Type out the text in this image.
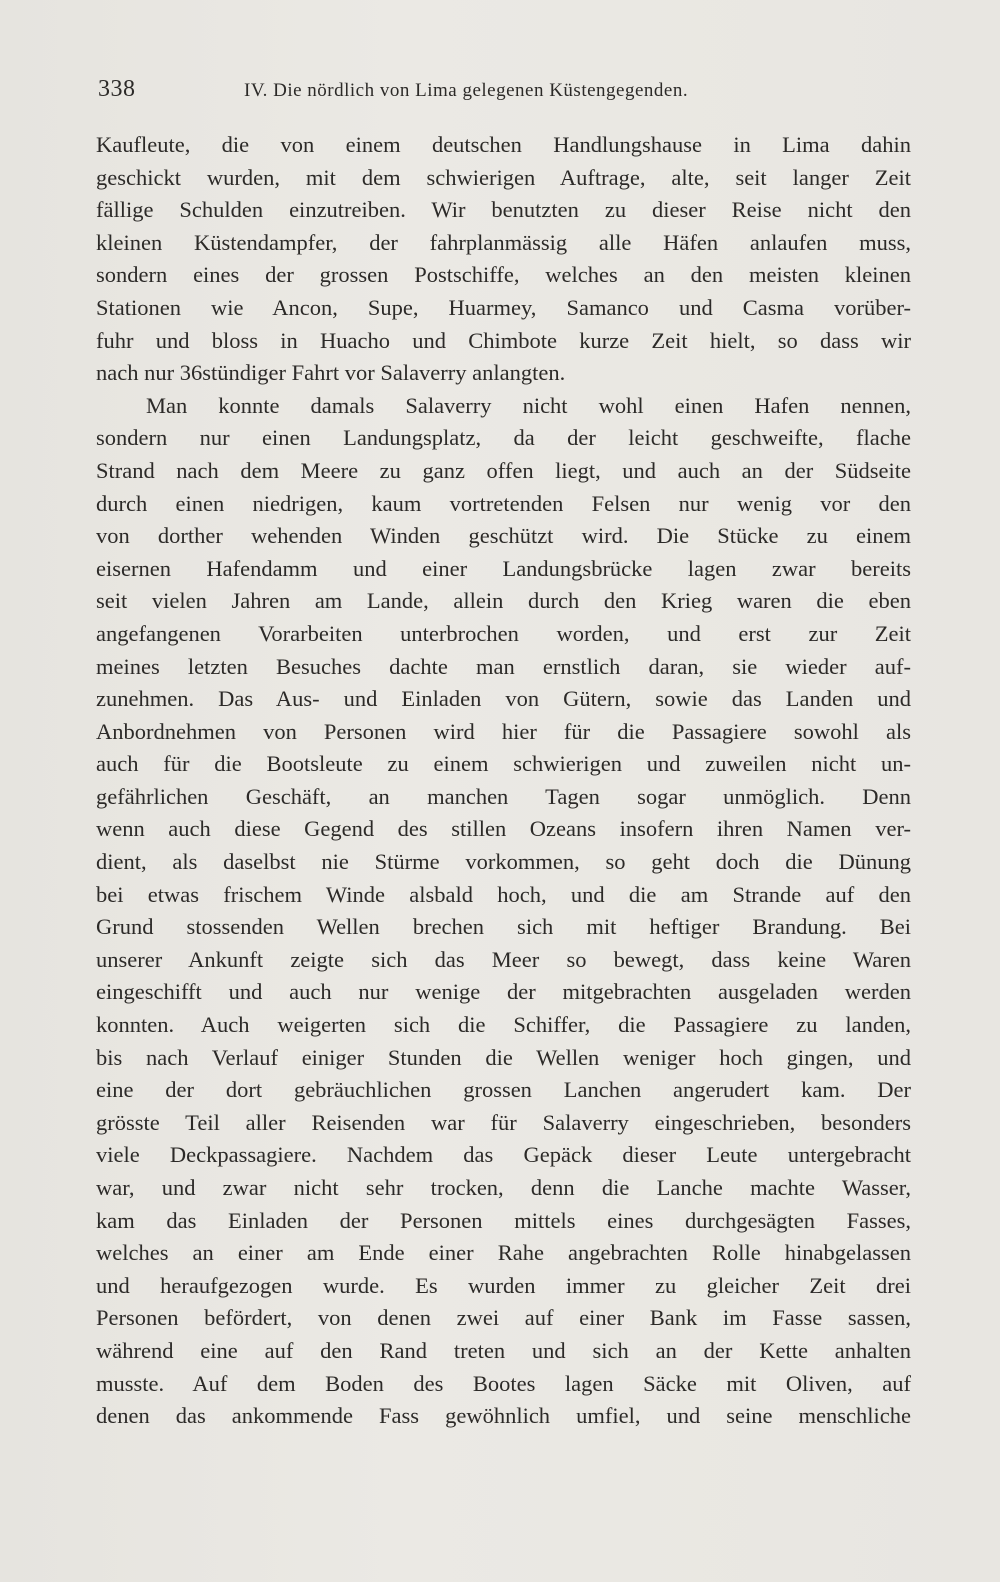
338	IV. Die nördlich von Lima gelegenen Küstengegenden.
Kaufleute, die von einem deutschen Handlungshause in Lima dahin
geschickt wurden, mit dem schwierigen Auftrage, alte, seit langer Zeit
fällige Schulden einzutreiben. Wir benutzten zu dieser Reise nicht den
kleinen Küstendampfer, der fahrplanmässig alle Häfen anlaufen muss,
sondern eines der grossen Postschiffe, welches an den meisten kleinen
Stationen wie Ancon, Supe, Huarmey, Samanco und Casma vorüber-
fuhr und bloss in Huacho und Chimbote kurze Zeit hielt, so dass wir
nach nur 36stündiger Fahrt vor Salaverry anlangten.
Man konnte damals Salaverry nicht wohl einen Hafen nennen,
sondern nur einen Landungsplatz, da der leicht geschweifte, flache
Strand nach dem Meere zu ganz offen liegt, und auch an der Südseite
durch einen niedrigen, kaum vortretenden Felsen nur wenig vor den
von dorther wehenden Winden geschützt wird. Die Stücke zu einem
eisernen Hafendamm und einer Landungsbrücke lagen zwar bereits
seit vielen Jahren am Lande, allein durch den Krieg waren die eben
angefangenen Vorarbeiten unterbrochen worden, und erst zur Zeit
meines letzten Besuches dachte man ernstlich daran, sie wieder auf-
zunehmen. Das Aus- und Einladen von Gütern, sowie das Landen und
Anbordnehmen von Personen wird hier für die Passagiere sowohl als
auch für die Bootsleute zu einem schwierigen und zuweilen nicht un-
gefährlichen Geschäft, an manchen Tagen sogar unmöglich. Denn
wenn auch diese Gegend des stillen Ozeans insofern ihren Namen ver-
dient, als daselbst nie Stürme vorkommen, so geht doch die Dünung
bei etwas frischem Winde alsbald hoch, und die am Strande auf den
Grund stossenden Wellen brechen sich mit heftiger Brandung. Bei
unserer Ankunft zeigte sich das Meer so bewegt, dass keine Waren
eingeschifft und auch nur wenige der mitgebrachten ausgeladen werden
konnten. Auch weigerten sich die Schiffer, die Passagiere zu landen,
bis nach Verlauf einiger Stunden die Wellen weniger hoch gingen, und
eine der dort gebräuchlichen grossen Lanchen angerudert kam. Der
grösste Teil aller Reisenden war für Salaverry eingeschrieben, besonders
viele Deckpassagiere. Nachdem das Gepäck dieser Leute untergebracht
war, und zwar nicht sehr trocken, denn die Lanche machte Wasser,
kam das Einladen der Personen mittels eines durchgesägten Fasses,
welches an einer am Ende einer Rahe angebrachten Rolle hinabgelassen
und heraufgezogen wurde. Es wurden immer zu gleicher Zeit drei
Personen befördert, von denen zwei auf einer Bank im Fasse sassen,
während eine auf den Rand treten und sich an der Kette anhalten
musste. Auf dem Boden des Bootes lagen Säcke mit Oliven, auf
denen das ankommende Fass gewöhnlich umfiel, und seine menschliche
